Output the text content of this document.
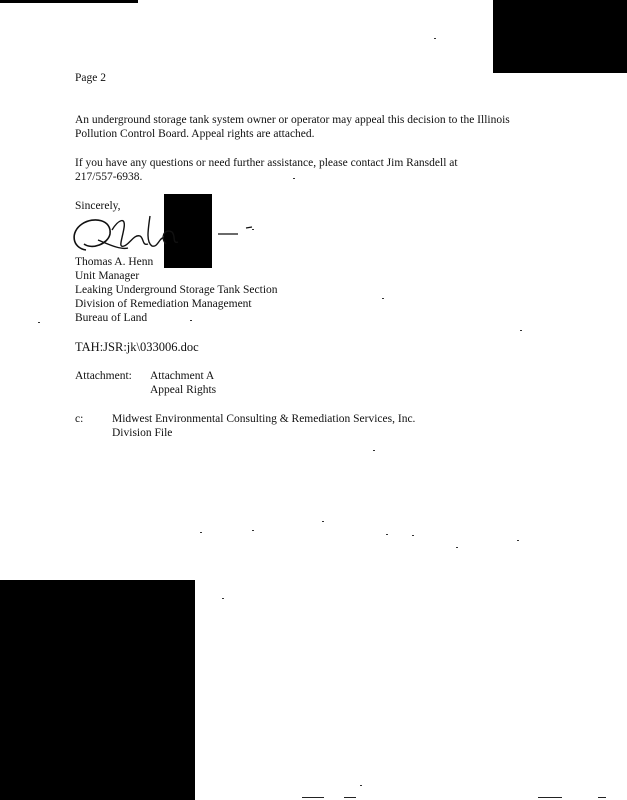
Page 2
An underground storage tank system owner or operator may appeal this decision to the Illinois
Pollution Control Board. Appeal rights are attached.
If you have any questions or need further assistance, please contact Jim Ransdell at
217/557-6938.
Sincerely,
Thomas A. Henn
Unit Manager
Leaking Underground Storage Tank Section
Division of Remediation Management
Bureau of Land
TAH:JSR:jk\033006.doc
Attachment: Attachment A
Appeal Rights
c: Midwest Environmental Consulting & Remediation Services, Inc.
Division File
